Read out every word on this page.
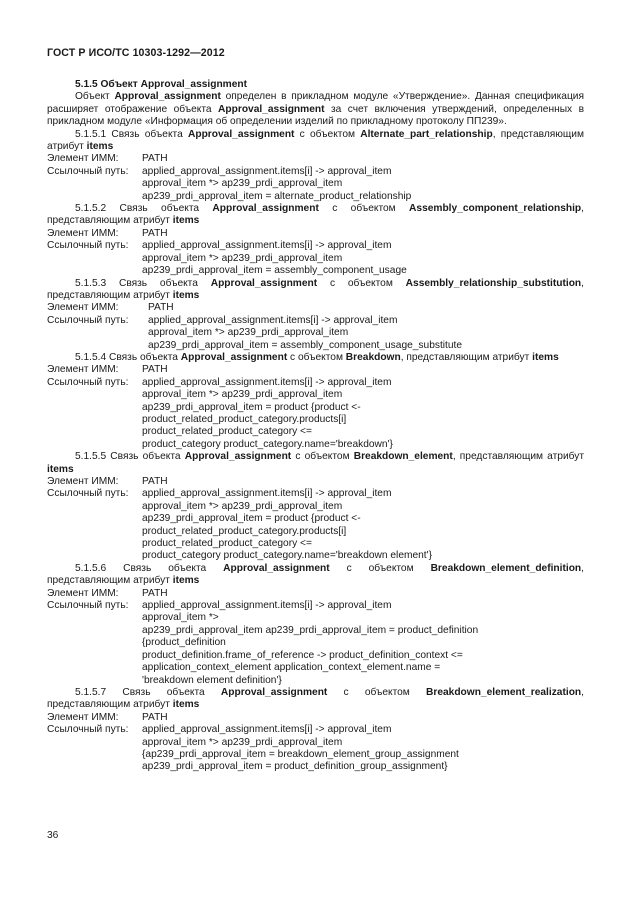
ГОСТ Р ИСО/ТС 10303-1292—2012
5.1.5 Объект Approval_assignment
Объект Approval_assignment определен в прикладном модуле «Утверждение». Данная спецификация расширяет отображение объекта Approval_assignment за счет включения утверждений, определенных в прикладном модуле «Информация об определении изделий по прикладному протоколу ПП239».
5.1.5.1 Связь объекта Approval_assignment с объектом Alternate_part_relationship, представляющим атрибут items
Элемент ИММ:	PATH
Ссылочный путь:	applied_approval_assignment.items[i] -> approval_item
approval_item *> ap239_prdi_approval_item
ap239_prdi_approval_item = alternate_product_relationship
5.1.5.2 Связь объекта Approval_assignment с объектом Assembly_component_relationship, представляющим атрибут items
Элемент ИММ:	PATH
Ссылочный путь:	applied_approval_assignment.items[i] -> approval_item
approval_item *> ap239_prdi_approval_item
ap239_prdi_approval_item = assembly_component_usage
5.1.5.3 Связь объекта Approval_assignment с объектом Assembly_relationship_substitution, представляющим атрибут items
Элемент ИММ:	PATH
Ссылочный путь:	applied_approval_assignment.items[i] -> approval_item
approval_item *> ap239_prdi_approval_item
ap239_prdi_approval_item = assembly_component_usage_substitute
5.1.5.4 Связь объекта Approval_assignment с объектом Breakdown, представляющим атрибут items
Элемент ИММ:	PATH
Ссылочный путь:	applied_approval_assignment.items[i] -> approval_item
approval_item *> ap239_prdi_approval_item
ap239_prdi_approval_item = product {product <-
product_related_product_category.products[i]
product_related_product_category <=
product_category product_category.name='breakdown'}
5.1.5.5 Связь объекта Approval_assignment с объектом Breakdown_element, представляющим атрибут items
Элемент ИММ:	PATH
Ссылочный путь:	applied_approval_assignment.items[i] -> approval_item
approval_item *> ap239_prdi_approval_item
ap239_prdi_approval_item = product {product <-
product_related_product_category.products[i]
product_related_product_category <=
product_category product_category.name='breakdown element'}
5.1.5.6 Связь объекта Approval_assignment с объектом Breakdown_element_definition, представляющим атрибут items
Элемент ИММ:	PATH
Ссылочный путь:	applied_approval_assignment.items[i] -> approval_item
approval_item *>
ap239_prdi_approval_item ap239_prdi_approval_item = product_definition
{product_definition
product_definition.frame_of_reference -> product_definition_context <=
application_context_element application_context_element.name =
'breakdown element definition'}
5.1.5.7 Связь объекта Approval_assignment с объектом Breakdown_element_realization, представляющим атрибут items
Элемент ИММ:	PATH
Ссылочный путь:	applied_approval_assignment.items[i] -> approval_item
approval_item *> ap239_prdi_approval_item
{ap239_prdi_approval_item = breakdown_element_group_assignment
ap239_prdi_approval_item = product_definition_group_assignment}
36
